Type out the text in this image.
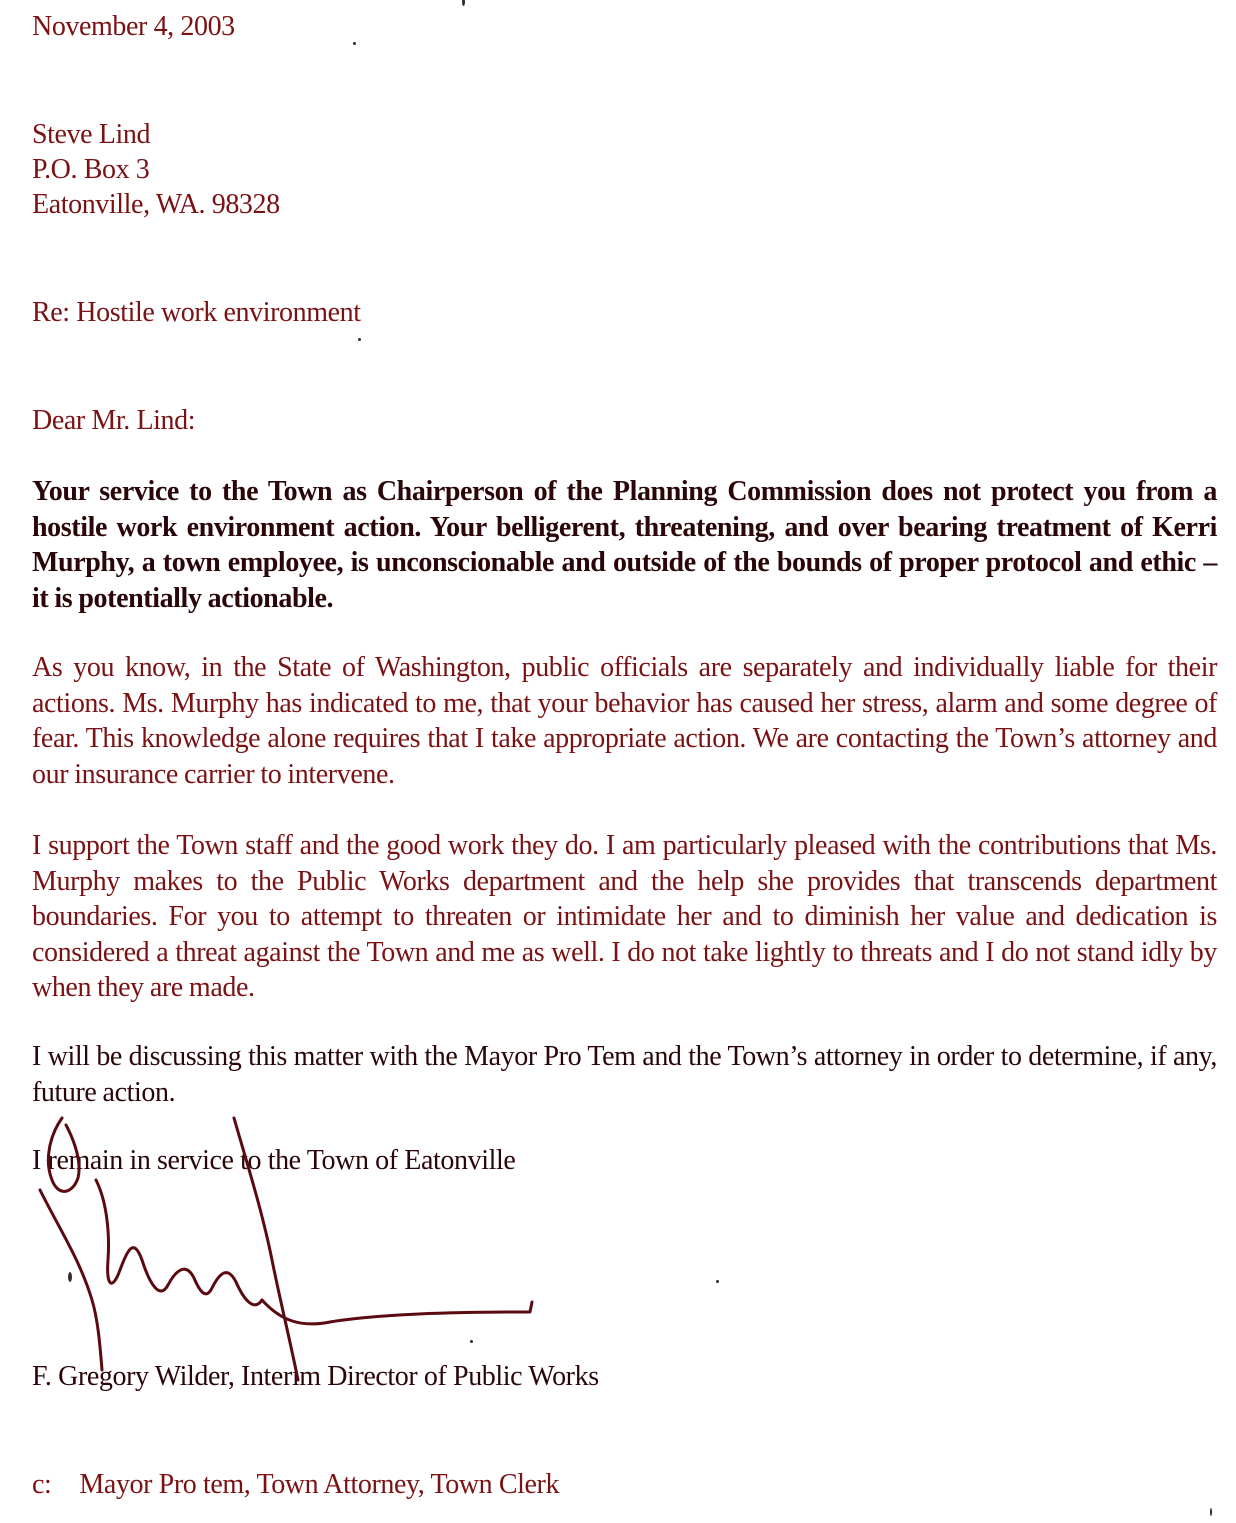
November 4, 2003
Steve Lind
P.O. Box 3
Eatonville, WA. 98328
Re: Hostile work environment
Dear Mr. Lind:
Your service to the Town as Chairperson of the Planning Commission does not protect you from a hostile work environment action. Your belligerent, threatening, and over bearing treatment of Kerri Murphy, a town employee, is unconscionable and outside of the bounds of proper protocol and ethic – it is potentially actionable.
As you know, in the State of Washington, public officials are separately and individually liable for their actions. Ms. Murphy has indicated to me, that your behavior has caused her stress, alarm and some degree of fear. This knowledge alone requires that I take appropriate action. We are contacting the Town’s attorney and our insurance carrier to intervene.
I support the Town staff and the good work they do. I am particularly pleased with the contributions that Ms. Murphy makes to the Public Works department and the help she provides that transcends department boundaries. For you to attempt to threaten or intimidate her and to diminish her value and dedication is considered a threat against the Town and me as well. I do not take lightly to threats and I do not stand idly by when they are made.
I will be discussing this matter with the Mayor Pro Tem and the Town’s attorney in order to determine, if any, future action.
I remain in service to the Town of Eatonville
F. Gregory Wilder, Interim Director of Public Works
c: Mayor Pro tem, Town Attorney, Town Clerk
